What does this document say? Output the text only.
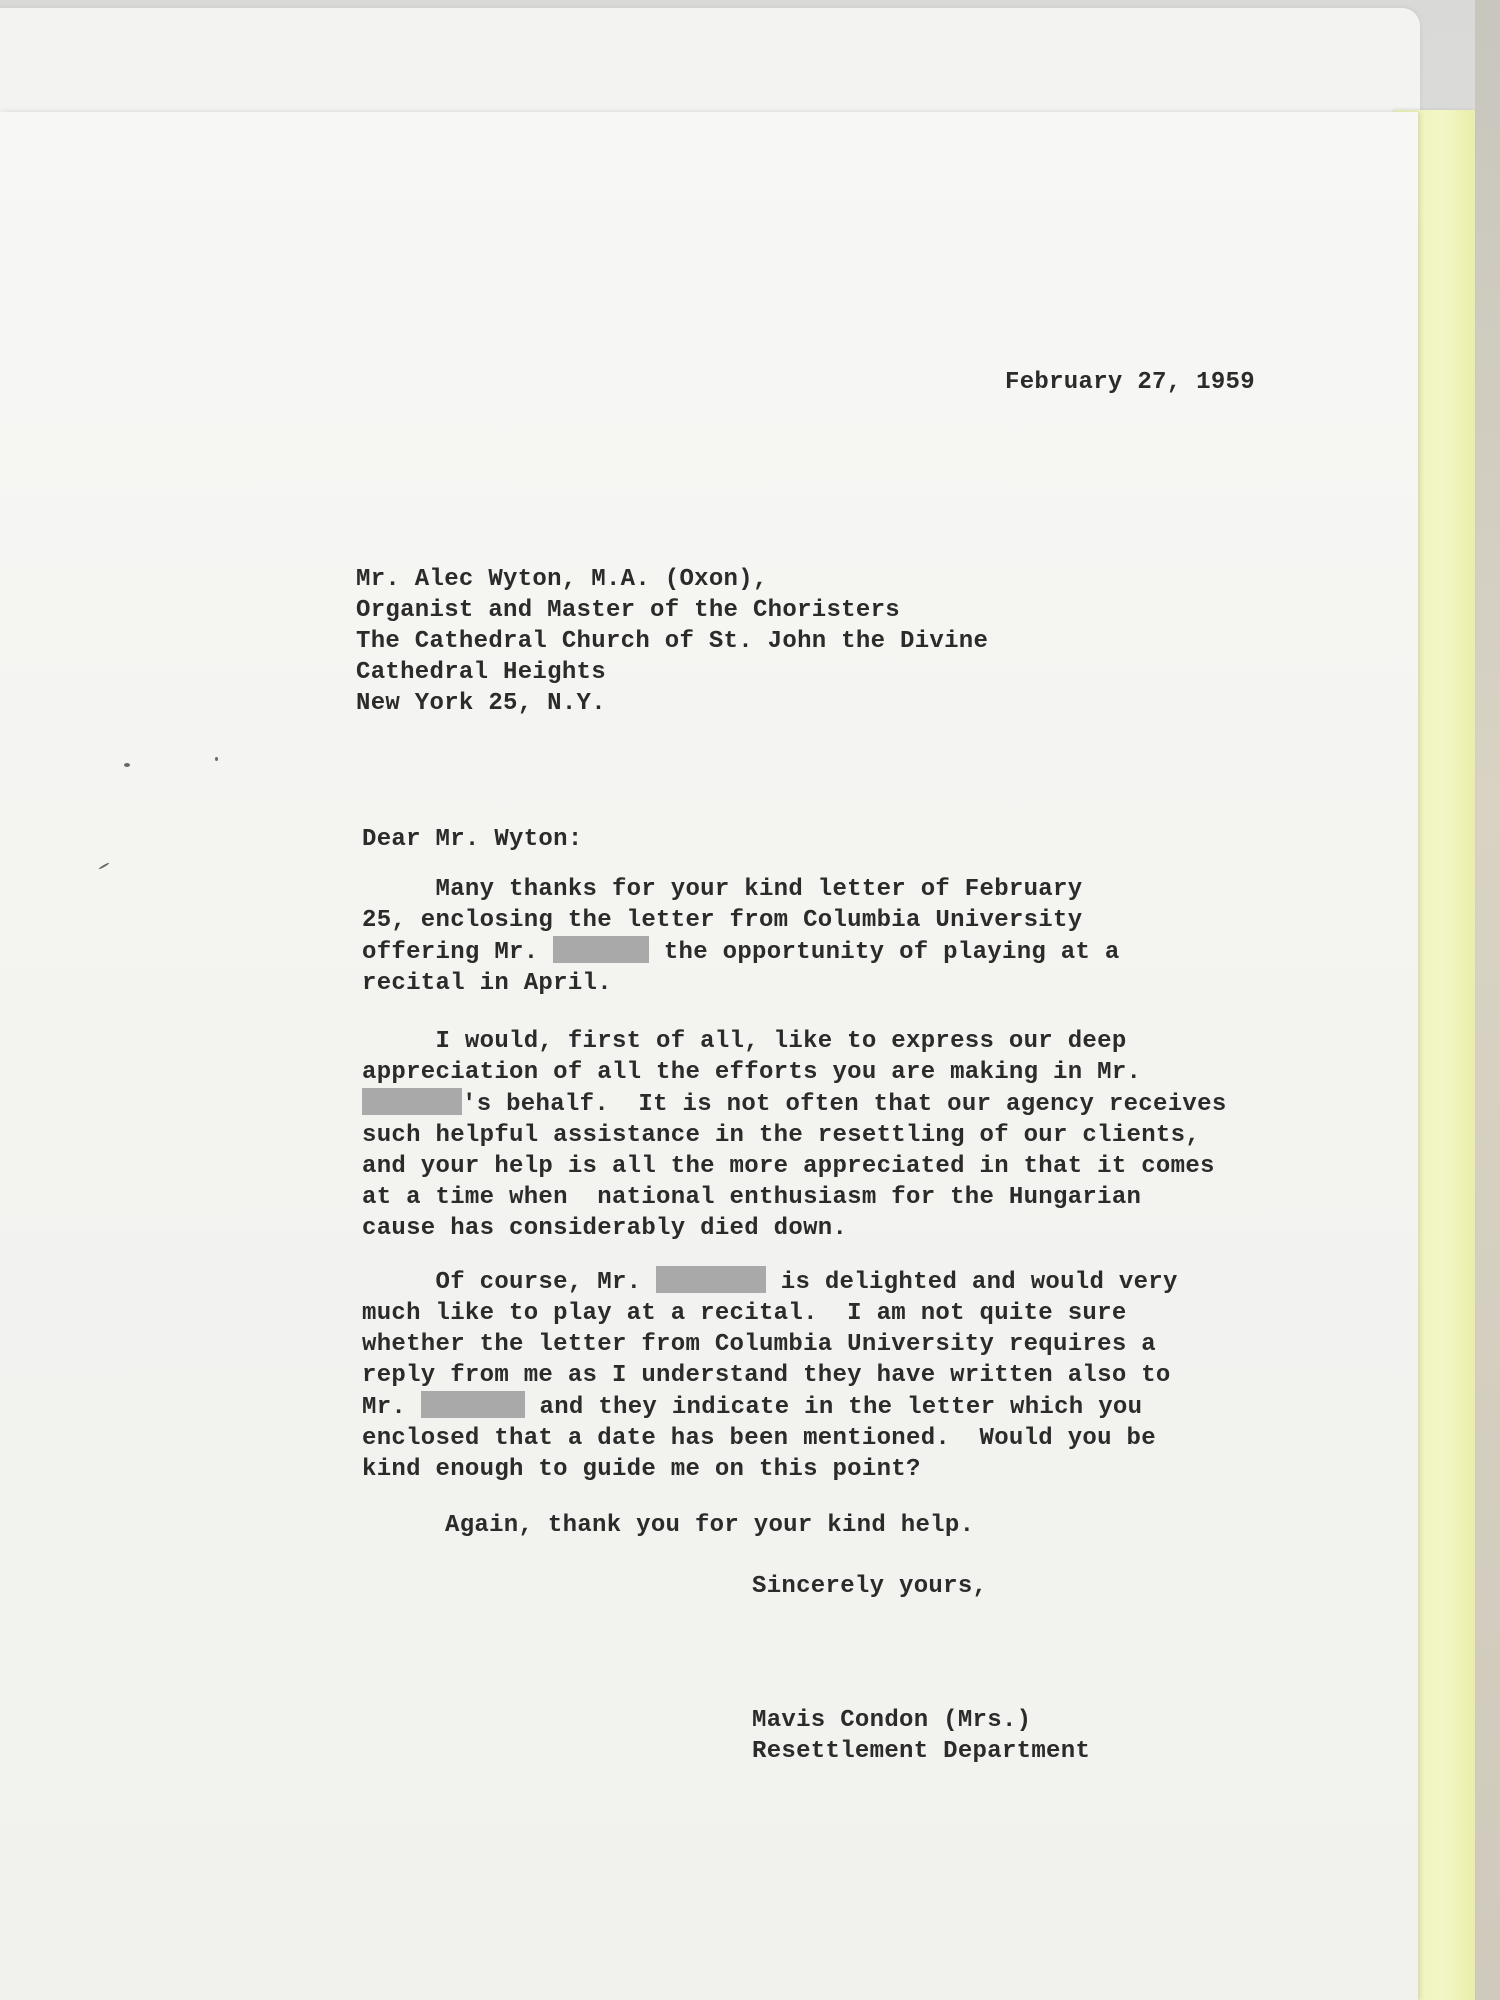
February 27, 1959

Mr. Alec Wyton, M.A. (Oxon),
Organist and Master of the Choristers
The Cathedral Church of St. John the Divine
Cathedral Heights
New York 25, N.Y.

Dear Mr. Wyton:

Many thanks for your kind letter of February
25, enclosing the letter from Columbia University
offering Mr.	the opportunity of playing at a
recital in April.
I would, first of all, like to express our deep
appreciation of all the efforts you are making in Mr.
's behalf.  It is not often that our agency receives
such helpful assistance in the resettling of our clients,
and your help is all the more appreciated in that it comes
at a time when  national enthusiasm for the Hungarian
cause has considerably died down.
Of course, Mr.	is delighted and would very
much like to play at a recital.  I am not quite sure
whether the letter from Columbia University requires a
reply from me as I understand they have written also to
Mr.	and they indicate in the letter which you
enclosed that a date has been mentioned.  Would you be
kind enough to guide me on this point?

Again, thank you for your kind help.

Sincerely yours,

Mavis Condon (Mrs.)
Resettlement Department
